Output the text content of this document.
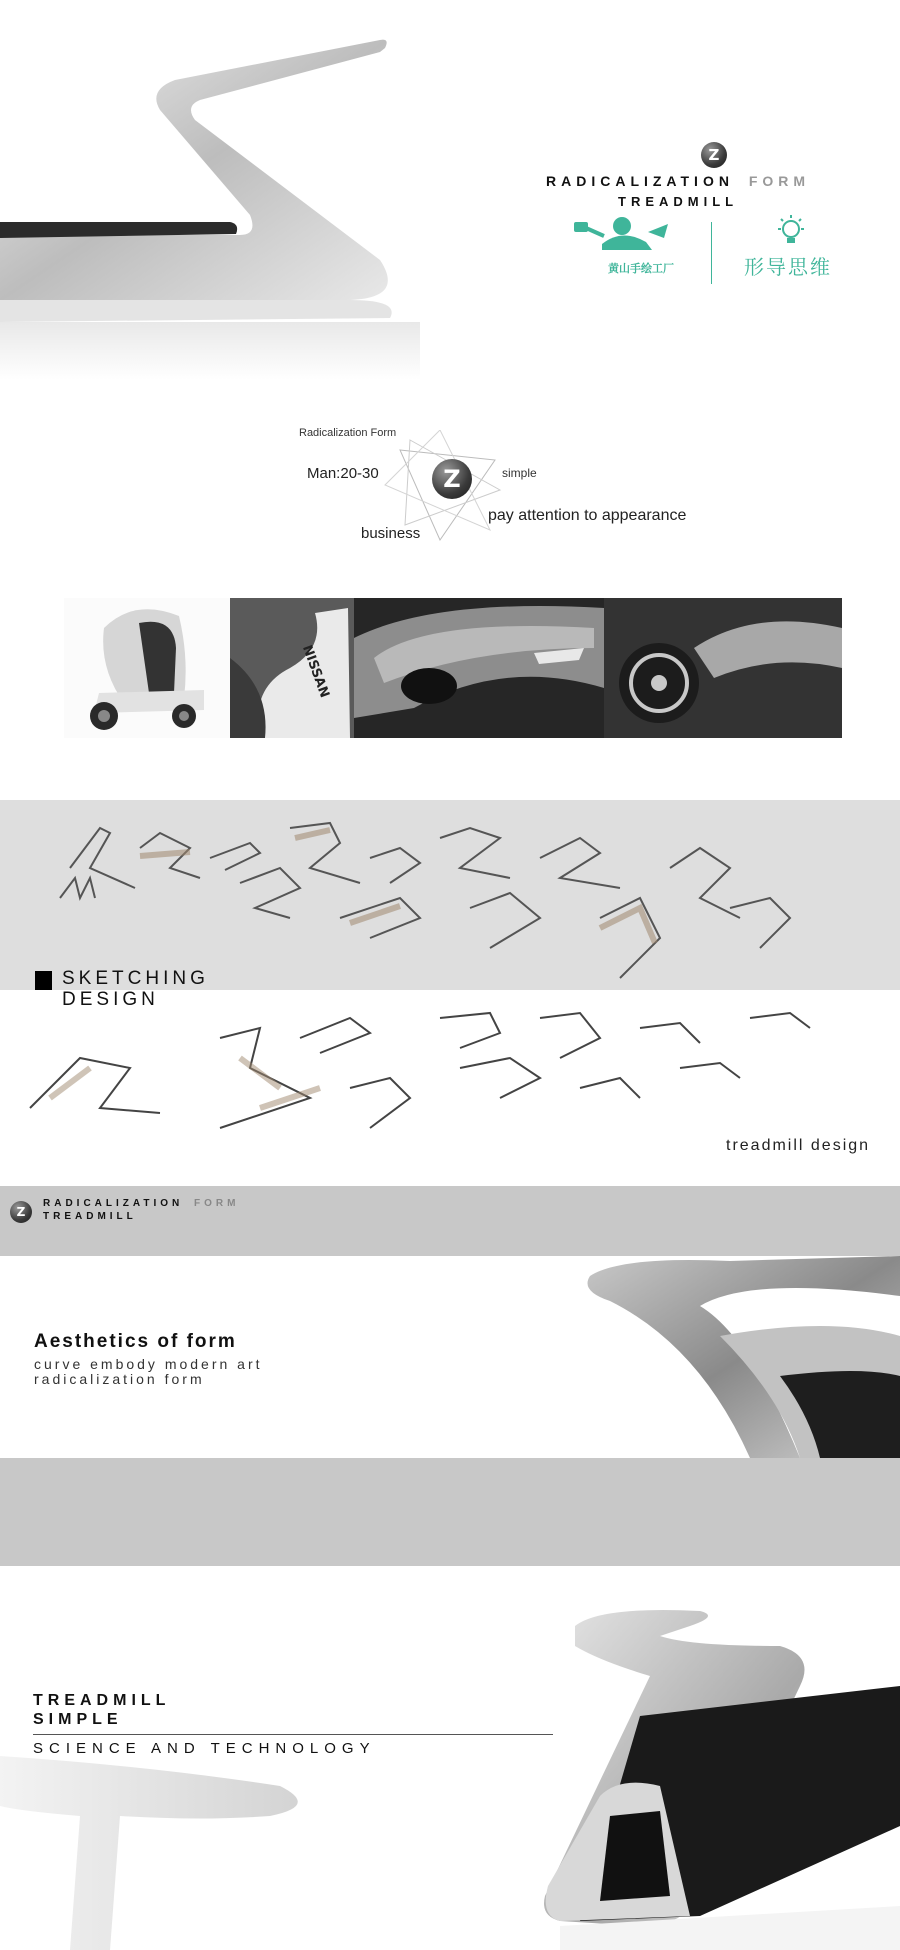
Z
RADICALIZATION FORM
TREADMILL
黄山手绘工厂	形导思维
Z
Radicalization Form
Man:20-30	simple
pay attention to appearance
business
NISSAN
SKETCHING
DESIGN
treadmill design
Z
RADICALIZATION FORM
TREADMILL
Aesthetics of form
curve embody modern art
radicalization form
TREADMILL
SIMPLE
SCIENCE AND TECHNOLOGY
